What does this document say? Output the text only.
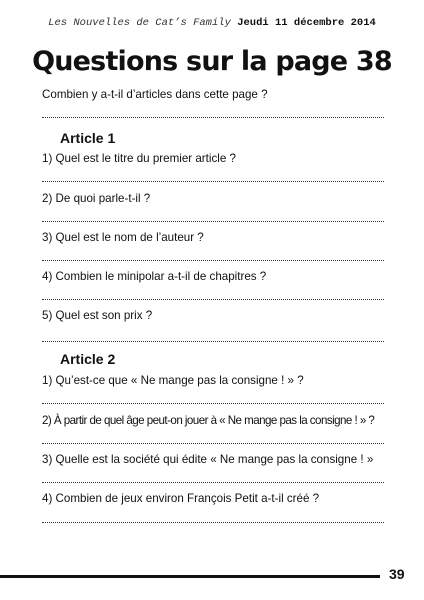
Les Nouvelles de Cat’s Family Jeudi 11 décembre 2014
Questions sur la page 38
Combien y a-t-il d’articles dans cette page ?
Article 1
1) Quel est le titre du premier article ?
2) De quoi parle-t-il ?
3) Quel est le nom de l’auteur ?
4) Combien le minipolar a-t-il de chapitres ?
5) Quel est son prix ?
Article 2
1) Qu’est-ce que « Ne mange pas la consigne ! » ?
2) À partir de quel âge peut-on jouer à « Ne mange pas la consigne ! » ?
3) Quelle est la société qui édite « Ne mange pas la consigne ! »
4) Combien de jeux environ François Petit a-t-il créé ?
39
